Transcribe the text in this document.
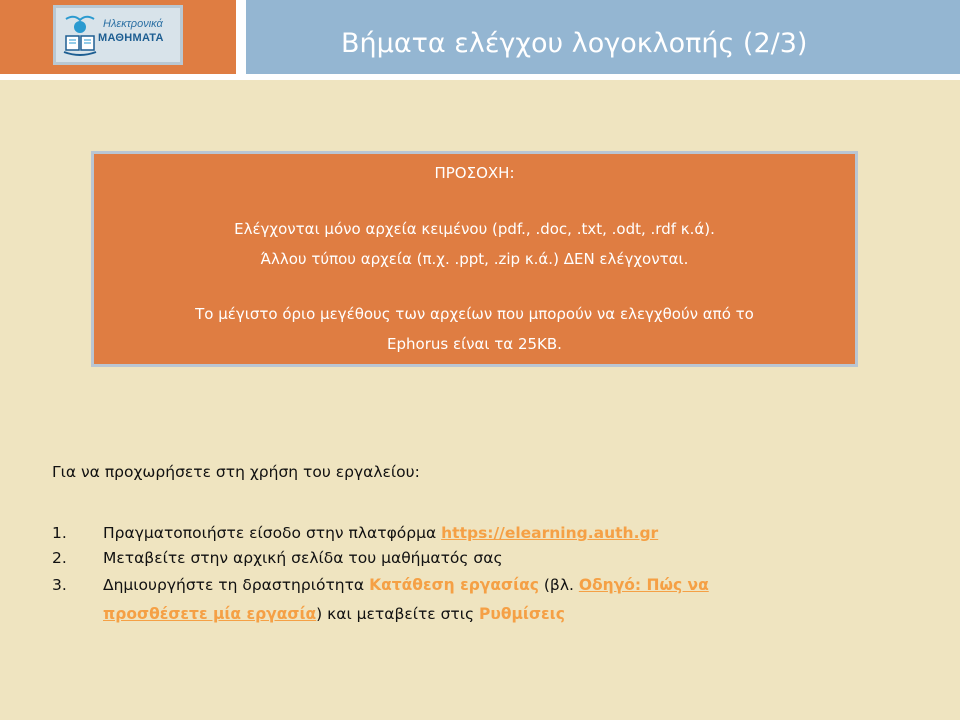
Ηλεκτρονικά
ΜΑΘΗΜΑΤΑ	Βήματα ελέγχου λογοκλοπής (2/3)
ΠΡΟΣΟΧΗ:
Ελέγχονται μόνο αρχεία κειμένου (pdf., .doc, .txt, .odt, .rdf κ.ά).
Άλλου τύπου αρχεία (π.χ. .ppt, .zip κ.ά.) ΔΕΝ ελέγχονται.
Το μέγιστο όριο μεγέθους των αρχείων που μπορούν να ελεγχθούν από το
Ephorus είναι τα 25KB.
Για να προχωρήσετε στη χρήση του εργαλείου:
1. Πραγματοποιήστε είσοδο στην πλατφόρμα https://elearning.auth.gr
2. Μεταβείτε στην αρχική σελίδα του μαθήματός σας
3. Δημιουργήστε τη δραστηριότητα Κατάθεση εργασίας (βλ. Οδηγό: Πώς να
προσθέσετε μία εργασία) και μεταβείτε στις Ρυθμίσεις
